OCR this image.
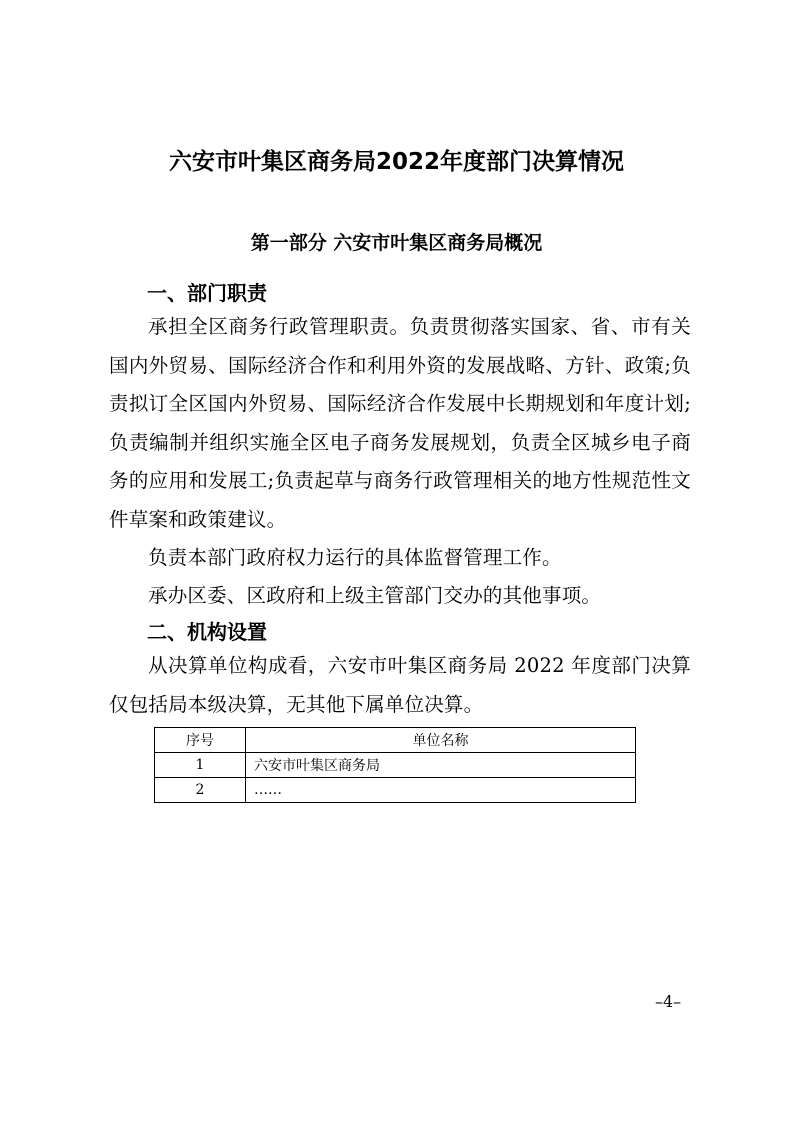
六安市叶集区商务局2022年度部门决算情况
第一部分 六安市叶集区商务局概况
一、部门职责

承担全区商务行政管理职责。负责贯彻落实国家、省、市有关国内外贸易、国际经济合作和利用外资的发展战略、方针、政策;负责拟订全区国内外贸易、国际经济合作发展中长期规划和年度计划;负责编制并组织实施全区电子商务发展规划，负责全区城乡电子商务的应用和发展工;负责起草与商务行政管理相关的地方性规范性文件草案和政策建议。

负责本部门政府权力运行的具体监督管理工作。

承办区委、区政府和上级主管部门交办的其他事项。

二、机构设置

从决算单位构成看，六安市叶集区商务局 2022 年度部门决算仅包括局本级决算，无其他下属单位决算。

序号	单位名称
1	六安市叶集区商务局
2	……
–4–
